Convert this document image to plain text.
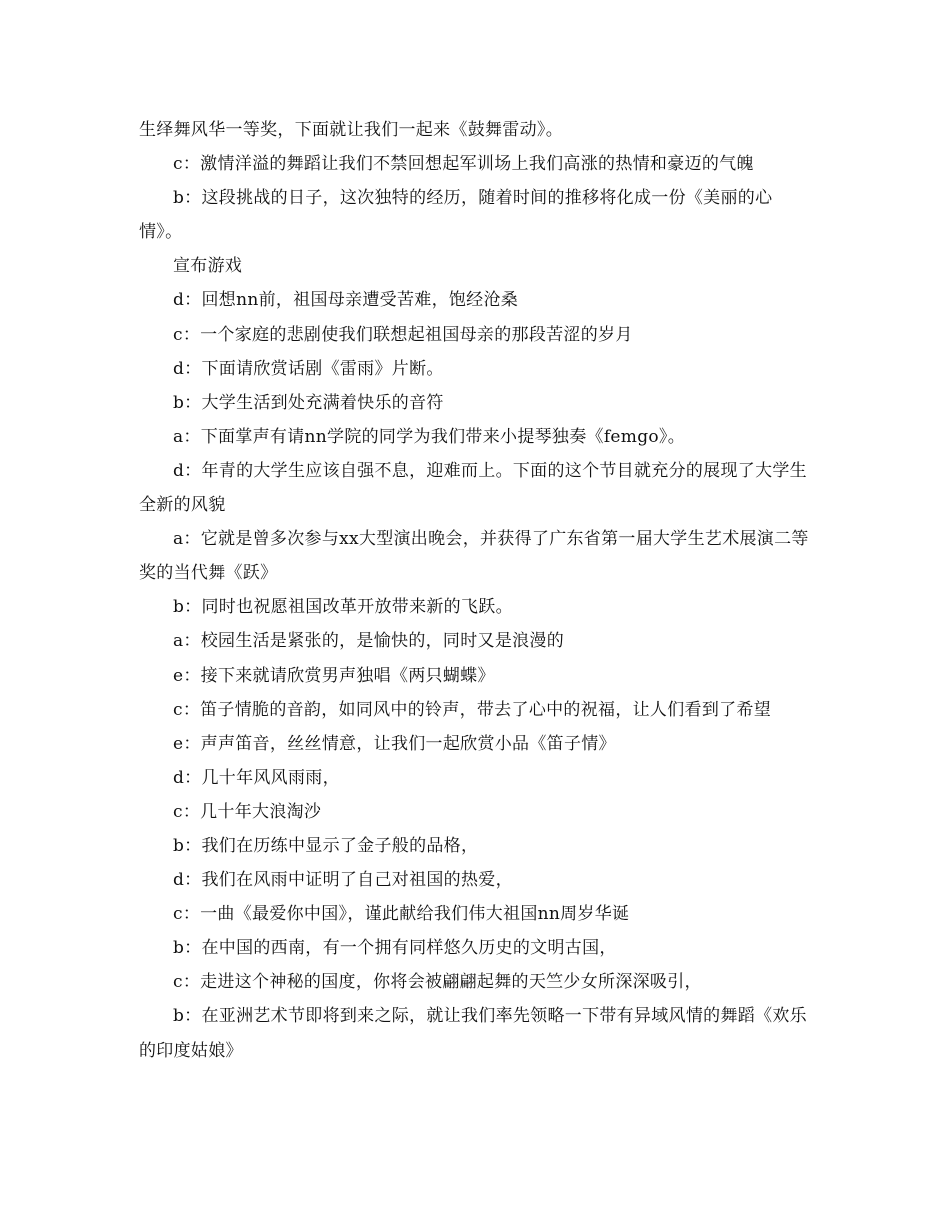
生绎舞风华一等奖，下面就让我们一起来《鼓舞雷动》。

c：激情洋溢的舞蹈让我们不禁回想起军训场上我们高涨的热情和豪迈的气魄

b：这段挑战的日子，这次独特的经历，随着时间的推移将化成一份《美丽的心情》。

宣布游戏

d：回想nn前，祖国母亲遭受苦难，饱经沧桑

c：一个家庭的悲剧使我们联想起祖国母亲的那段苦涩的岁月

d：下面请欣赏话剧《雷雨》片断。

b：大学生活到处充满着快乐的音符

a：下面掌声有请nn学院的同学为我们带来小提琴独奏《femgo》。

d：年青的大学生应该自强不息，迎难而上。下面的这个节目就充分的展现了大学生全新的风貌

a：它就是曾多次参与xx大型演出晚会，并获得了广东省第一届大学生艺术展演二等奖的当代舞《跃》

b：同时也祝愿祖国改革开放带来新的飞跃。

a：校园生活是紧张的，是愉快的，同时又是浪漫的

e：接下来就请欣赏男声独唱《两只蝴蝶》

c：笛子情脆的音韵，如同风中的铃声，带去了心中的祝福，让人们看到了希望

e：声声笛音，丝丝情意，让我们一起欣赏小品《笛子情》

d：几十年风风雨雨，

c：几十年大浪淘沙

b：我们在历练中显示了金子般的品格，

d：我们在风雨中证明了自己对祖国的热爱，

c：一曲《最爱你中国》，谨此献给我们伟大祖国nn周岁华诞

b：在中国的西南，有一个拥有同样悠久历史的文明古国，

c：走进这个神秘的国度，你将会被翩翩起舞的天竺少女所深深吸引，

b：在亚洲艺术节即将到来之际，就让我们率先领略一下带有异域风情的舞蹈《欢乐的印度姑娘》
